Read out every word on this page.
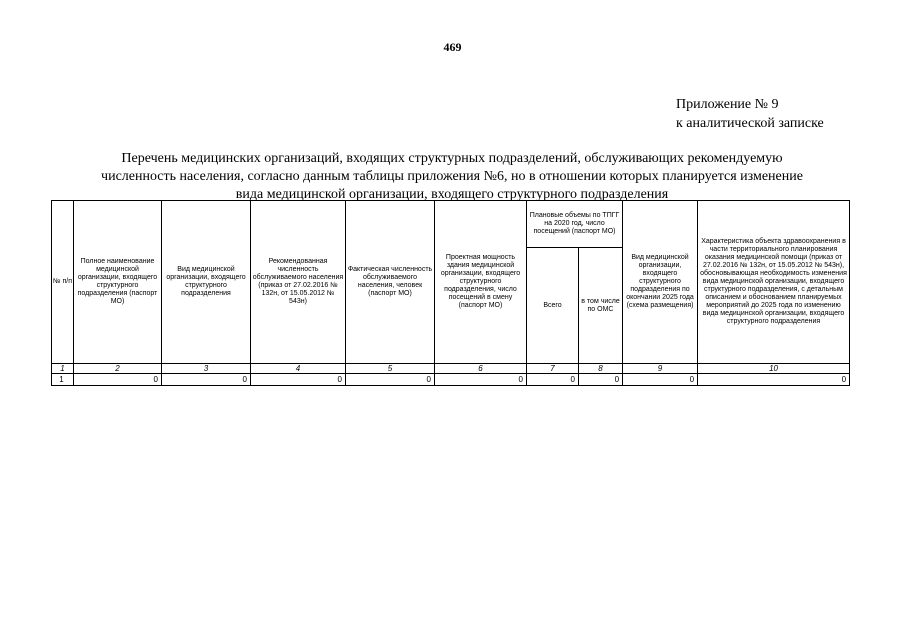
469
Приложение № 9
к аналитической записке
Перечень медицинских организаций, входящих структурных подразделений, обслуживающих рекомендуемую
численность населения, согласно данным таблицы приложения №6, но в отношении которых планируется изменение
вида медицинской организации, входящего структурного подразделения
№ п/п	Полное наименование медицинской организации, входящего структурного подразделения (паспорт МО)	Вид медицинской организации, входящего структурного подразделения	Рекомендованная численность обслуживаемого населения (приказ от 27.02.2016 № 132н, от 15.05.2012 № 543н)	Фактическая численность обслуживаемого населения, человек (паспорт МО)	Проектная мощность здания медицинской организации, входящего структурного подразделения, число посещений в смену (паспорт МО)	Плановые объемы по ТПГГ на 2020 год, число посещений (паспорт МО)		Вид медицинской организации, входящего структурного подразделения по окончании 2025 года (схема размещения)	Характеристика объекта здравоохранения в части территориального планирования оказания медицинской помощи (приказ от 27.02.2016 № 132н, от 15.05.2012 № 543н), обосновывающая необходимость изменения вида медицинской организации, входящего структурного подразделения, с детальным описанием и обоснованием планируемых мероприятий до 2025 года по изменению вида медицинской организации, входящего структурного подразделения
						Всего	в том числе по ОМС		
1	2	3	4	5	6	7	8	9	10
1	0	0	0	0	0	0	0	0	0
